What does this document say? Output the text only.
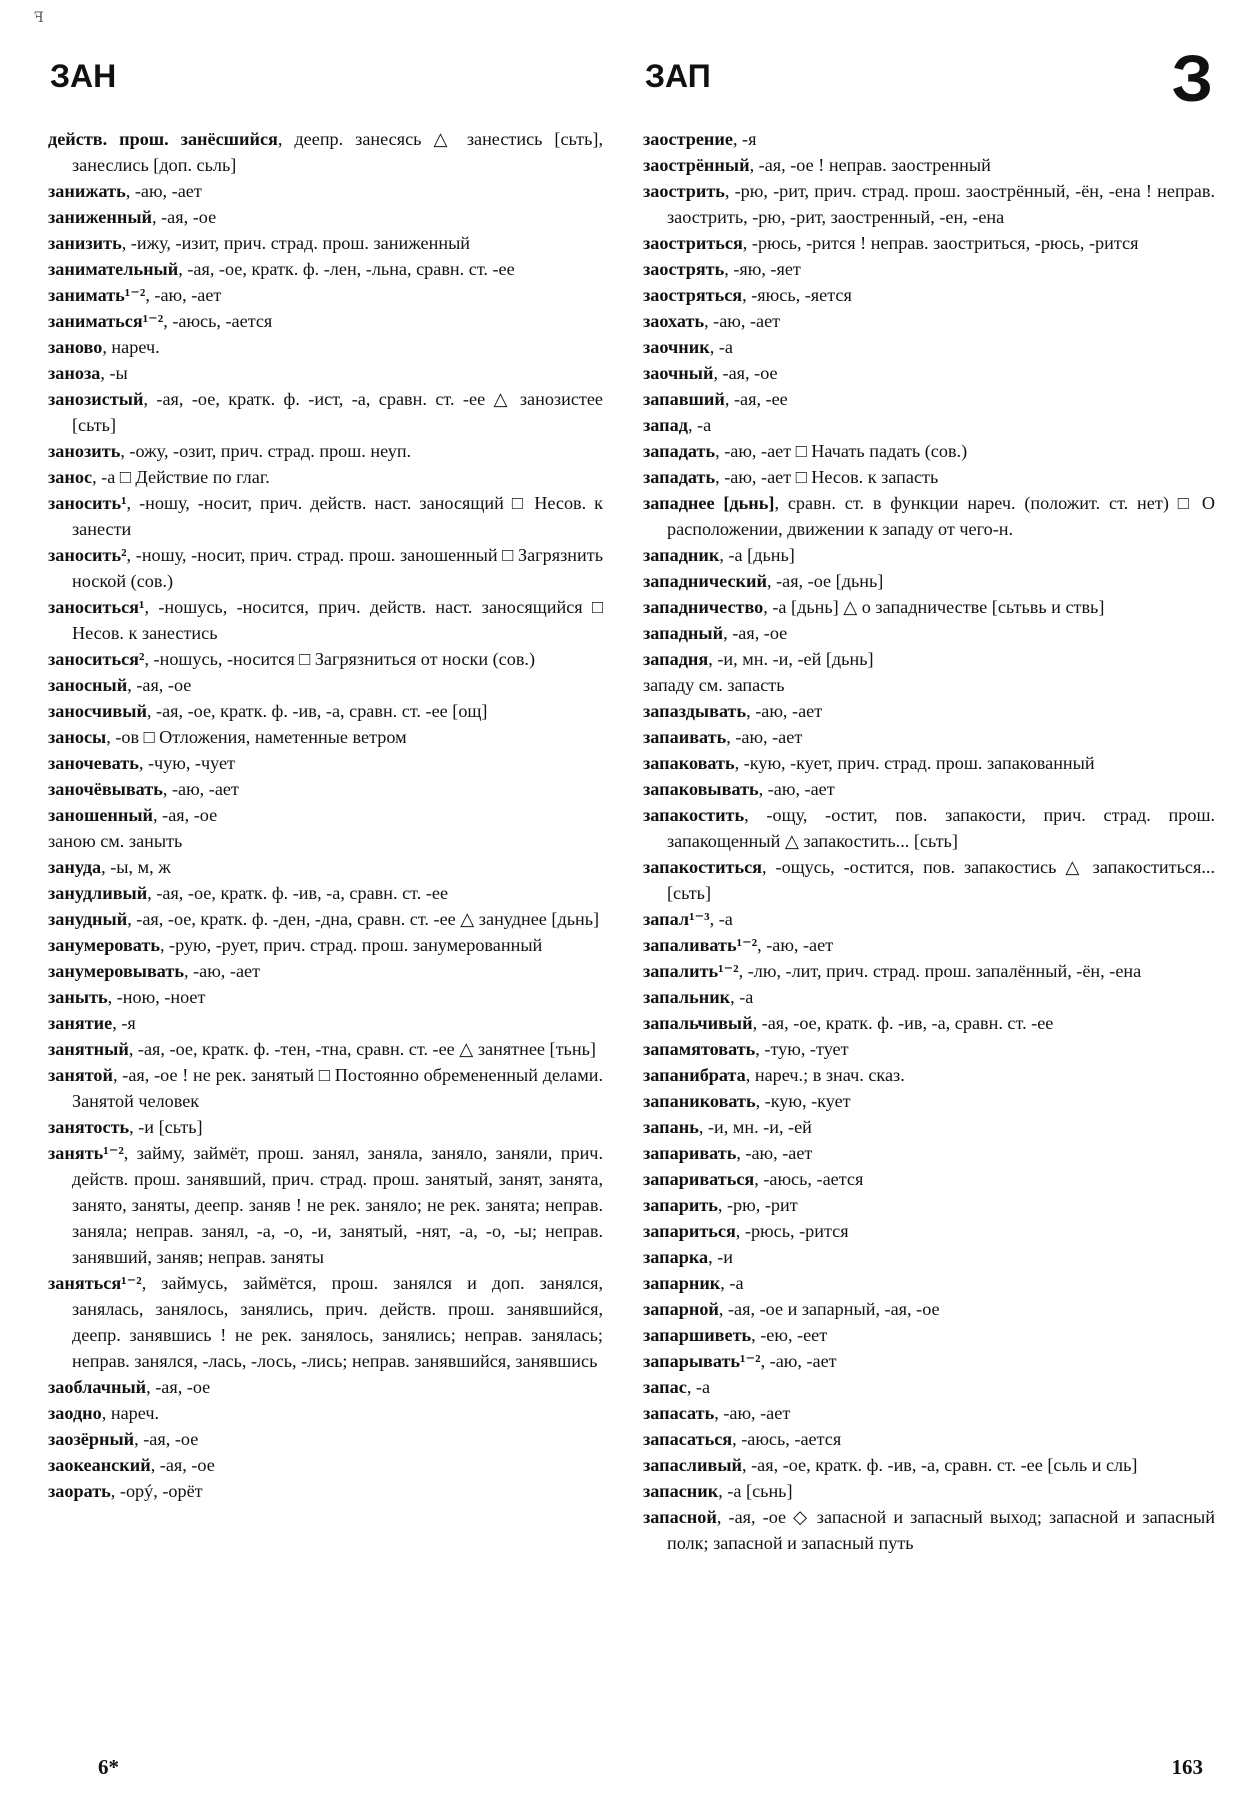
ꟻ
ЗАН	ЗАП	З
действ. прош. занёсшийся, деепр. занесясь △ занестись [сьть], занеслись [доп. сьль]
занижать, -аю, -ает
заниженный, -ая, -ое
занизить, -ижу, -изит, прич. страд. прош. заниженный
занимательный, -ая, -ое, кратк. ф. -лен, -льна, сравн. ст. -ее
занимать¹⁻², -аю, -ает
заниматься¹⁻², -аюсь, -ается
заново, нареч.
заноза, -ы
занозистый, -ая, -ое, кратк. ф. -ист, -а, сравн. ст. -ее △ занозистее [сьть]
занозить, -ожу, -озит, прич. страд. прош. неуп.
занос, -а □ Действие по глаг.
заносить¹, -ношу, -носит, прич. действ. наст. заносящий □ Несов. к занести
заносить², -ношу, -носит, прич. страд. прош. заношенный □ Загрязнить ноской (сов.)
заноситься¹, -ношусь, -носится, прич. действ. наст. заносящийся □ Несов. к занестись
заноситься², -ношусь, -носится □ Загрязниться от носки (сов.)
заносный, -ая, -ое
заносчивый, -ая, -ое, кратк. ф. -ив, -а, сравн. ст. -ее [ощ]
заносы, -ов □ Отложения, наметенные ветром
заночевать, -чую, -чует
заночёвывать, -аю, -ает
заношенный, -ая, -ое
заною см. заныть
зануда, -ы, м, ж
занудливый, -ая, -ое, кратк. ф. -ив, -а, сравн. ст. -ее
занудный, -ая, -ое, кратк. ф. -ден, -дна, сравн. ст. -ее △ зануднее [дьнь]
занумеровать, -рую, -рует, прич. страд. прош. занумерованный
занумеровывать, -аю, -ает
заныть, -ною, -ноет
занятие, -я
занятный, -ая, -ое, кратк. ф. -тен, -тна, сравн. ст. -ее △ занятнее [тьнь]
занятой, -ая, -ое ! не рек. занятый □ Постоянно обремененный делами. Занятой человек
занятость, -и [сьть]
занять¹⁻², займу, займёт, прош. занял, заняла, заняло, заняли, прич. действ. прош. занявший, прич. страд. прош. занятый, занят, занята, занято, заняты, деепр. заняв ! не рек. заняло; не рек. занята; неправ. заняла; неправ. занял, -а, -о, -и, занятый, -нят, -а, -о, -ы; неправ. занявший, заняв; неправ. заняты
заняться¹⁻², займусь, займётся, прош. занялся и доп. занялся, занялась, занялось, занялись, прич. действ. прош. занявшийся, деепр. занявшись ! не рек. занялось, занялись; неправ. занялась; неправ. занялся, -лась, -лось, -лись; неправ. занявшийся, занявшись
заоблачный, -ая, -ое
заодно, нареч.
заозёрный, -ая, -ое
заокеанский, -ая, -ое
заорать, -орý, -орёт
заострение, -я
заострённый, -ая, -ое ! неправ. заостренный
заострить, -рю, -рит, прич. страд. прош. заострённый, -ён, -ена ! неправ. заострить, -рю, -рит, заостренный, -ен, -ена
заостриться, -рюсь, -рится ! неправ. заостриться, -рюсь, -рится
заострять, -яю, -яет
заостряться, -яюсь, -яется
заохать, -аю, -ает
заочник, -а
заочный, -ая, -ое
запавший, -ая, -ее
запад, -а
западать, -аю, -ает □ Начать падать (сов.)
западать, -аю, -ает □ Несов. к запасть
западнее [дьнь], сравн. ст. в функции нареч. (положит. ст. нет) □ О расположении, движении к западу от чего-н.
западник, -а [дьнь]
западнический, -ая, -ое [дьнь]
западничество, -а [дьнь] △ о западничестве [сьтьвь и ствь]
западный, -ая, -ое
западня, -и, мн. -и, -ей [дьнь]
западу см. запасть
запаздывать, -аю, -ает
запаивать, -аю, -ает
запаковать, -кую, -кует, прич. страд. прош. запакованный
запаковывать, -аю, -ает
запакостить, -ощу, -остит, пов. запакости, прич. страд. прош. запакощенный △ запакостить... [сьть]
запакоститься, -ощусь, -остится, пов. запакостись △ запакоститься... [сьть]
запал¹⁻³, -а
запаливать¹⁻², -аю, -ает
запалить¹⁻², -лю, -лит, прич. страд. прош. запалённый, -ён, -ена
запальник, -а
запальчивый, -ая, -ое, кратк. ф. -ив, -а, сравн. ст. -ее
запамятовать, -тую, -тует
запанибрата, нареч.; в знач. сказ.
запаниковать, -кую, -кует
запань, -и, мн. -и, -ей
запаривать, -аю, -ает
запариваться, -аюсь, -ается
запарить, -рю, -рит
запариться, -рюсь, -рится
запарка, -и
запарник, -а
запарной, -ая, -ое и запарный, -ая, -ое
запаршиветь, -ею, -еет
запарывать¹⁻², -аю, -ает
запас, -а
запасать, -аю, -ает
запасаться, -аюсь, -ается
запасливый, -ая, -ое, кратк. ф. -ив, -а, сравн. ст. -ее [сьль и сль]
запасник, -а [сьнь]
запасной, -ая, -ое ◇ запасной и запасный выход; запасной и запасный полк; запасной и запасный путь
6*	163
